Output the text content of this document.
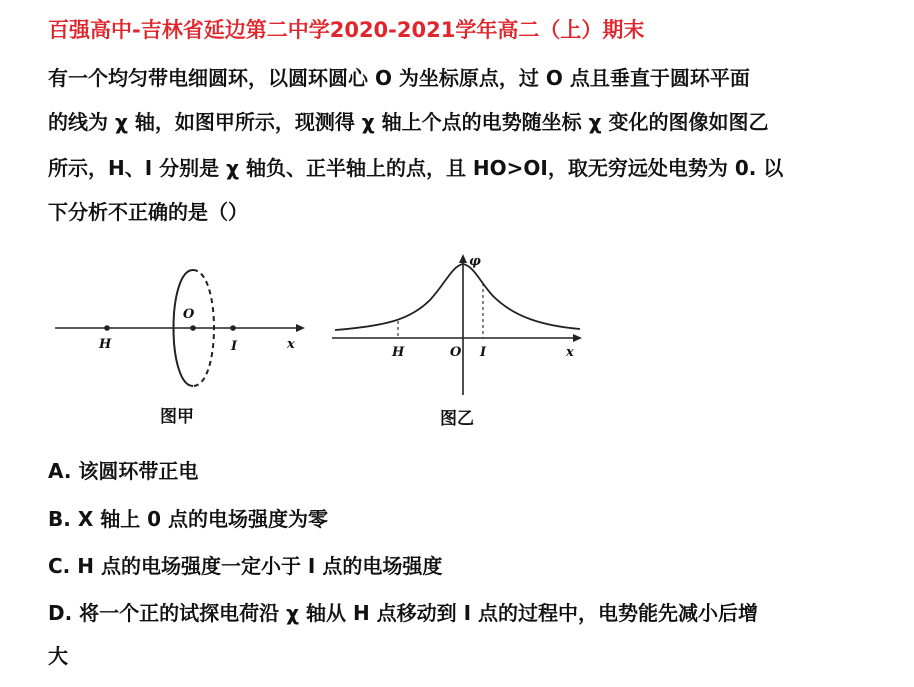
百强高中-吉林省延边第二中学2020-2021学年高二（上）期末
有一个均匀带电细圆环，以圆环圆心 O 为坐标原点，过 O 点且垂直于圆环平面
的线为 χ 轴，如图甲所示，现测得 χ 轴上个点的电势随坐标 χ 变化的图像如图乙
所示，H、I 分别是 χ 轴负、正半轴上的点，且 HO>OI，取无穷远处电势为 0. 以
下分析不正确的是（）
H
O
I	x
图甲
φ
H	O I	x
图乙
A. 该圆环带正电
B. X 轴上 0 点的电场强度为零
C. H 点的电场强度一定小于 I 点的电场强度
D. 将一个正的试探电荷沿 χ 轴从 H 点移动到 I 点的过程中，电势能先减小后增
大
